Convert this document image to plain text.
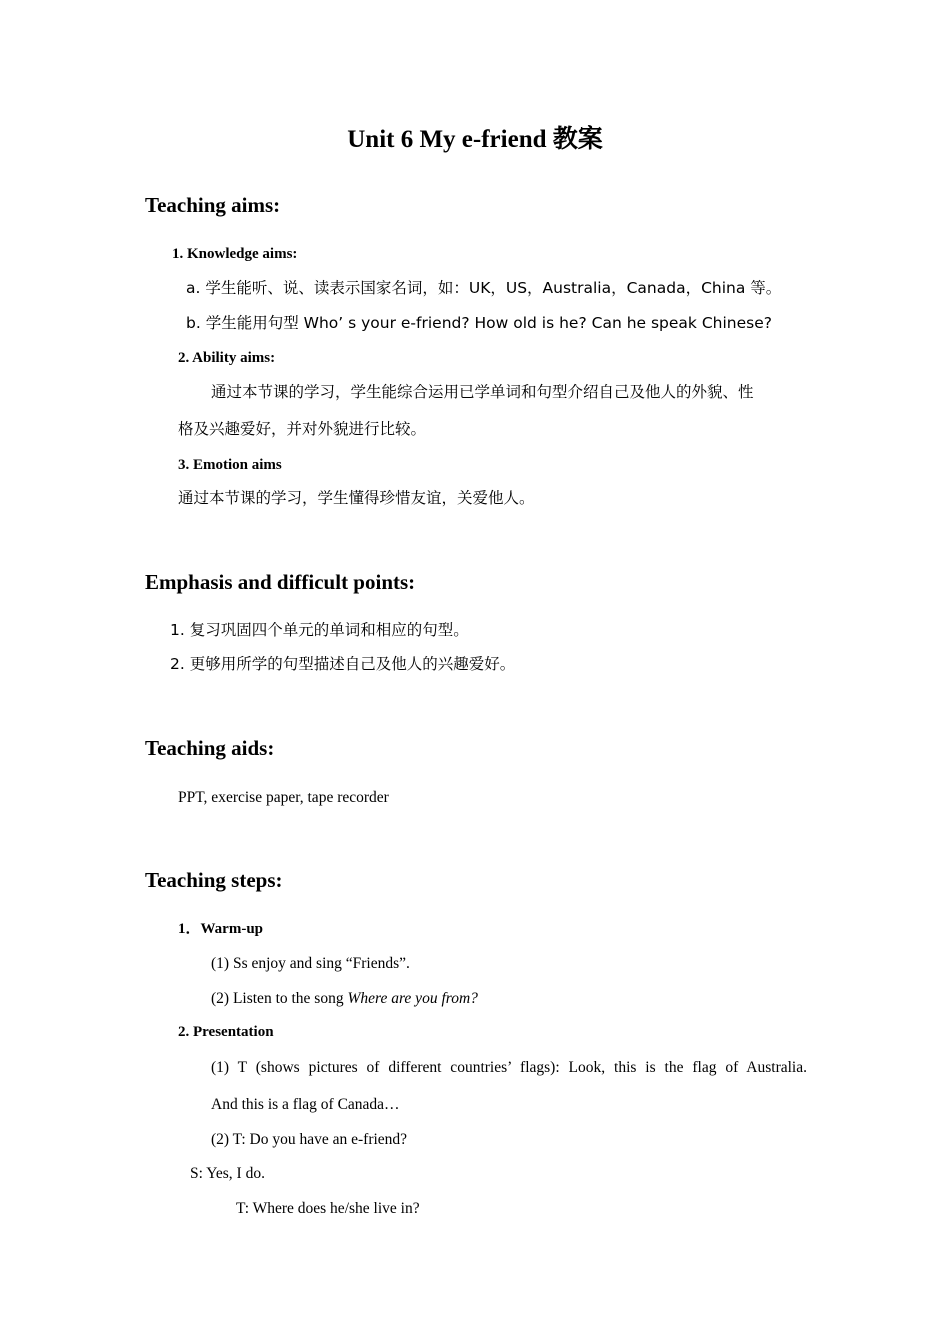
Unit 6 My e-friend 教案
Teaching aims:
1. Knowledge aims:
a. 学生能听、说、读表示国家名词，如：UK，US，Australia，Canada，China 等。
b. 学生能用句型 Who’ s your e-friend? How old is he? Can he speak Chinese?
2. Ability aims:
通过本节课的学习，学生能综合运用已学单词和句型介绍自己及他人的外貌、性
格及兴趣爱好，并对外貌进行比较。
3. Emotion aims
通过本节课的学习，学生懂得珍惜友谊，关爱他人。
Emphasis and difficult points:
1. 复习巩固四个单元的单词和相应的句型。
2. 更够用所学的句型描述自己及他人的兴趣爱好。
Teaching aids:
PPT, exercise paper, tape recorder
Teaching steps:
1．Warm-up
(1) Ss enjoy and sing “Friends”.
(2) Listen to the song Where are you from?
2. Presentation
(1) T (shows pictures of different countries’ flags): Look, this is the flag of Australia.
And this is a flag of Canada…
(2) T: Do you have an e-friend?
S: Yes, I do.
T: Where does he/she live in?
